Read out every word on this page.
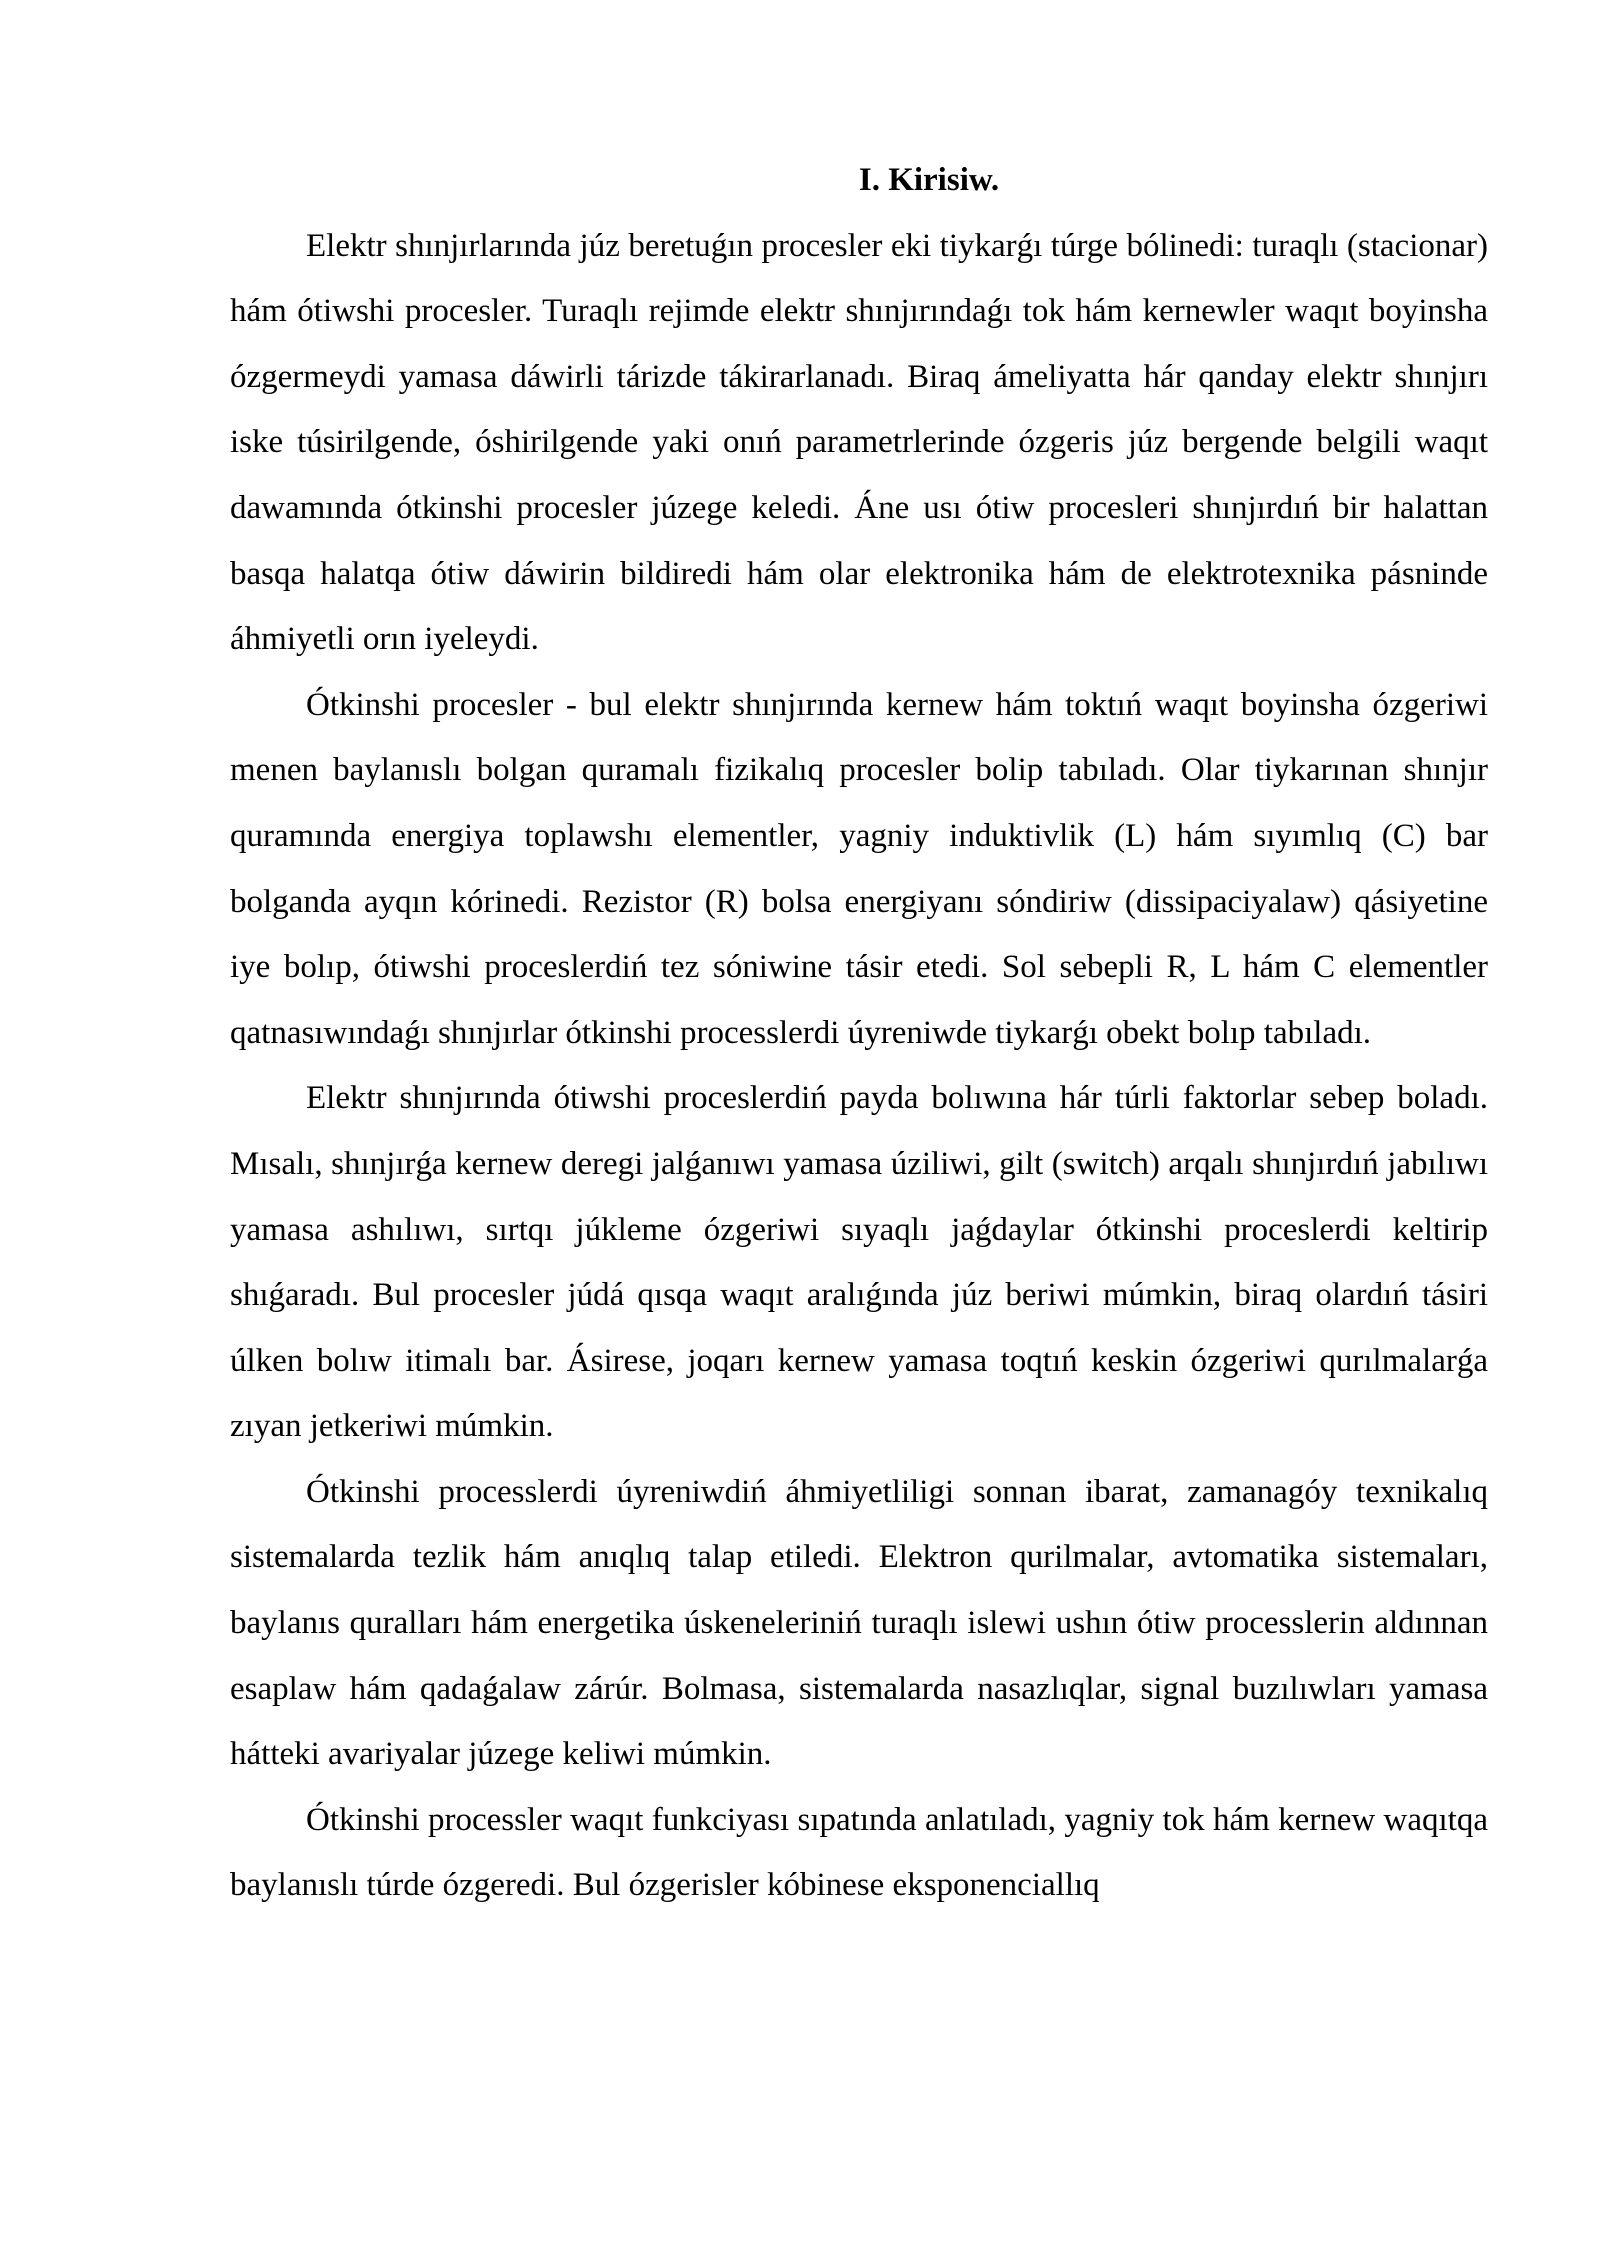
I. Kirisiw.

Elektr shınjırlarında júz beretuǵın procesler eki tiykarǵı túrge bólinedi: turaqlı (stacionar) hám ótiwshi procesler. Turaqlı rejimde elektr shınjırındaǵı tok hám kernewler waqıt boyinsha ózgermeydi yamasa dáwirli tárizde tákirarlanadı. Biraq ámeliyatta hár qanday elektr shınjırı iske túsirilgende, óshirilgende yaki onıń parametrlerinde ózgeris júz bergende belgili waqıt dawamında ótkinshi procesler júzege keledi. Áne usı ótiw procesleri shınjırdıń bir halattan basqa halatqa ótiw dáwirin bildiredi hám olar elektronika hám de elektrotexnika pásninde áhmiyetli orın iyeleydi.

Ótkinshi procesler - bul elektr shınjırında kernew hám toktıń waqıt boyinsha ózgeriwi menen baylanıslı bolgan quramalı fizikalıq procesler bolip tabıladı. Olar tiykarınan shınjır quramında energiya toplawshı elementler, yagniy induktivlik (L) hám sıyımlıq (C) bar bolganda ayqın kórinedi. Rezistor (R) bolsa energiyanı sóndiriw (dissipaciyalaw) qásiyetine iye bolıp, ótiwshi proceslerdiń tez sóniwine tásir etedi. Sol sebepli R, L hám C elementler qatnasıwındaǵı shınjırlar ótkinshi processlerdi úyreniwde tiykarǵı obekt bolıp tabıladı.

Elektr shınjırında ótiwshi proceslerdiń payda bolıwına hár túrli faktorlar sebep boladı. Mısalı, shınjırǵa kernew deregi jalǵanıwı yamasa úziliwi, gilt (switch) arqalı shınjırdıń jabılıwı yamasa ashılıwı, sırtqı júkleme ózgeriwi sıyaqlı jaǵdaylar ótkinshi proceslerdi keltirip shıǵaradı. Bul procesler júdá qısqa waqıt aralıǵında júz beriwi múmkin, biraq olardıń tásiri úlken bolıw itimalı bar. Ásirese, joqarı kernew yamasa toqtıń keskin ózgeriwi qurılmalarǵa zıyan jetkeriwi múmkin.

Ótkinshi processlerdi úyreniwdiń áhmiyetliligi sonnan ibarat, zamanagóy texnikalıq sistemalarda tezlik hám anıqlıq talap etiledi. Elektron qurilmalar, avtomatika sistemaları, baylanıs quralları hám energetika úskeneleriniń turaqlı islewi ushın ótiw processlerin aldınnan esaplaw hám qadaǵalaw zárúr. Bolmasa, sistemalarda nasazlıqlar, signal buzılıwları yamasa hátteki avariyalar júzege keliwi múmkin.

Ótkinshi processler waqıt funkciyası sıpatında anlatıladı, yagniy tok hám kernew waqıtqa baylanıslı túrde ózgeredi. Bul ózgerisler kóbinese eksponenciallıq
